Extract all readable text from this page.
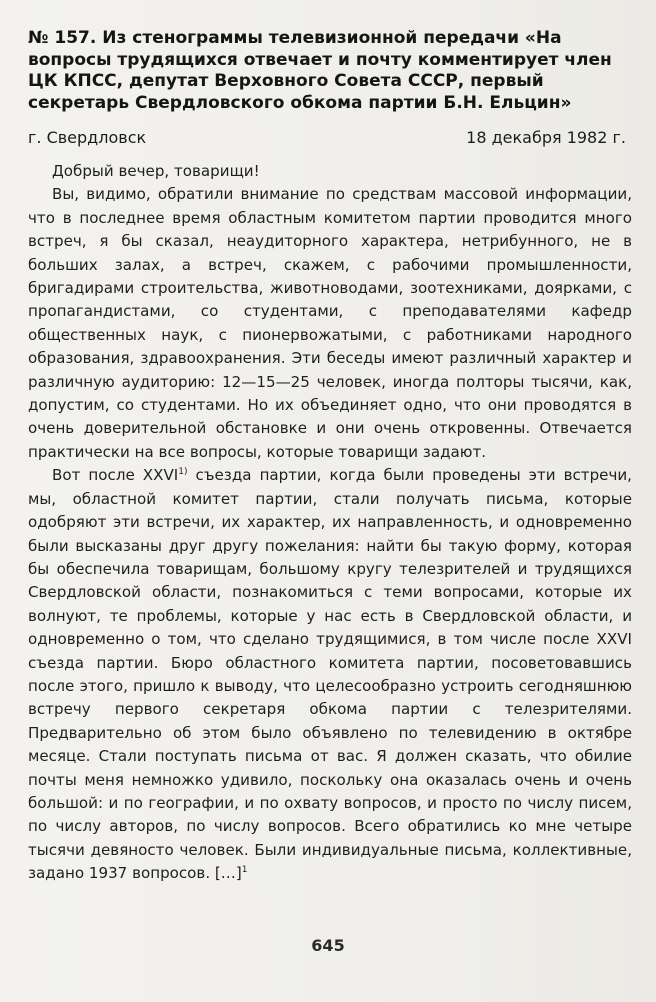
№ 157. Из стенограммы телевизионной передачи «На вопросы трудящихся отвечает и почту комментирует член ЦК КПСС, депутат Верховного Совета СССР, первый секретарь Свердловского обкома партии Б.Н. Ельцин»
г. Свердловск	18 декабря 1982 г.

Добрый вечер, товарищи!

Вы, видимо, обратили внимание по средствам массовой информации, что в последнее время областным комитетом партии проводится много встреч, я бы сказал, неаудиторного характера, нетрибунного, не в больших залах, а встреч, скажем, с рабочими промышленности, бригадирами строительства, животноводами, зоотехниками, доярками, с пропагандистами, со студентами, с преподавателями кафедр общественных наук, с пионервожатыми, с работниками народного образования, здравоохранения. Эти беседы имеют различный характер и различную аудиторию: 12—15—25 человек, иногда полторы тысячи, как, допустим, со студентами. Но их объединяет одно, что они проводятся в очень доверительной обстановке и они очень откровенны. Отвечается практически на все вопросы, которые товарищи задают.

Вот после XXVI$^{1)}$ съезда партии, когда были проведены эти встречи, мы, областной комитет партии, стали получать письма, которые одобряют эти встречи, их характер, их направленность, и одновременно были высказаны друг другу пожелания: найти бы такую форму, которая бы обеспечила товарищам, большому кругу телезрителей и трудящихся Свердловской области, познакомиться с теми вопросами, которые их волнуют, те проблемы, которые у нас есть в Свердловской области, и одновременно о том, что сделано трудящимися, в том числе после XXVI съезда партии. Бюро областного комитета партии, посоветовавшись после этого, пришло к выводу, что целесообразно устроить сегодняшнюю встречу первого секретаря обкома партии с телезрителями. Предварительно об этом было объявлено по телевидению в октябре месяце. Стали поступать письма от вас. Я должен сказать, что обилие почты меня немножко удивило, поскольку она оказалась очень и очень большой: и по географии, и по охвату вопросов, и просто по числу писем, по числу авторов, по числу вопросов. Всего обратились ко мне четыре тысячи девяносто человек. Были индивидуальные письма, коллективные, задано 1937 вопросов. […]$^1$

645
